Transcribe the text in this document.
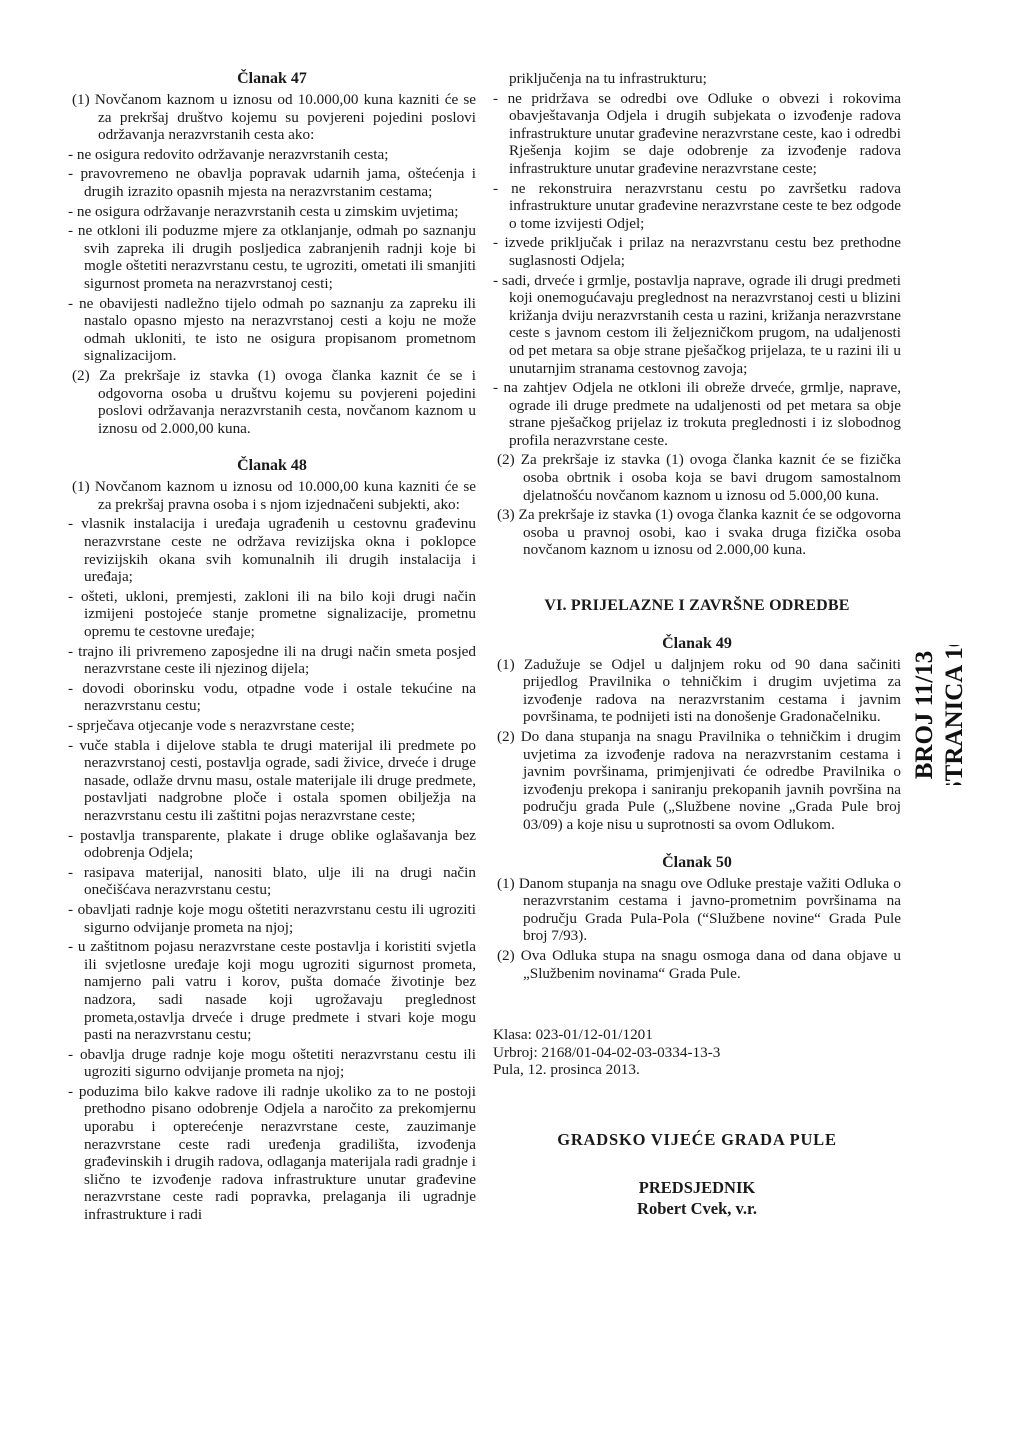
Članak 47

(1) Novčanom kaznom u iznosu od 10.000,00 kuna kazniti će se za prekršaj društvo kojemu su povjereni pojedini poslovi održavanja nerazvrstanih cesta ako:

- ne osigura redovito održavanje nerazvrstanih cesta;

- pravovremeno ne obavlja popravak udarnih jama, oštećenja i drugih izrazito opasnih mjesta na nerazvrstanim cestama;

- ne osigura održavanje nerazvrstanih cesta u zimskim uvjetima;

- ne otkloni ili poduzme mjere za otklanjanje, odmah po saznanju svih zapreka ili drugih posljedica zabranjenih radnji koje bi mogle oštetiti nerazvrstanu cestu, te ugroziti, ometati ili smanjiti sigurnost prometa na nerazvrstanoj cesti;

- ne obavijesti nadležno tijelo odmah po saznanju za zapreku ili nastalo opasno mjesto na nerazvrstanoj cesti a koju ne može odmah ukloniti, te isto ne osigura propisanom prometnom signalizacijom.

(2) Za prekršaje iz stavka (1) ovoga članka kaznit će se i odgovorna osoba u društvu kojemu su povjereni pojedini poslovi održavanja nerazvrstanih cesta, novčanom kaznom u iznosu od 2.000,00 kuna.

Članak 48

(1) Novčanom kaznom u iznosu od 10.000,00 kuna kazniti će se za prekršaj pravna osoba i s njom izjednačeni subjekti, ako:

- vlasnik instalacija i uređaja ugrađenih u cestovnu građevinu nerazvrstane ceste ne održava revizijska okna i poklopce revizijskih okana svih komunalnih ili drugih instalacija i uređaja;

- ošteti, ukloni, premjesti, zakloni ili na bilo koji drugi način izmijeni postojeće stanje prometne signalizacije, prometnu opremu te cestovne uređaje;

- trajno ili privremeno zaposjedne ili na drugi način smeta posjed nerazvrstane ceste ili njezinog dijela;

- dovodi oborinsku vodu, otpadne vode i ostale tekućine na nerazvrstanu cestu;

- sprječava otjecanje vode s nerazvrstane ceste;

- vuče stabla i dijelove stabla te drugi materijal ili predmete po nerazvrstanoj cesti, postavlja ograde, sadi živice, drveće i druge nasade, odlaže drvnu masu, ostale materijale ili druge predmete, postavljati nadgrobne ploče i ostala spomen obilježja na nerazvrstanu cestu ili zaštitni pojas nerazvrstane ceste;

- postavlja transparente, plakate i druge oblike oglašavanja bez odobrenja Odjela;

- rasipava materijal, nanositi blato, ulje ili na drugi način onečišćava nerazvrstanu cestu;

- obavljati radnje koje mogu oštetiti nerazvrstanu cestu ili ugroziti sigurno odvijanje prometa na njoj;

- u zaštitnom pojasu nerazvrstane ceste postavlja i koristiti svjetla ili svjetlosne uređaje koji mogu ugroziti sigurnost prometa, namjerno pali vatru i korov, pušta domaće životinje bez nadzora, sadi nasade koji ugrožavaju preglednost prometa,ostavlja drveće i druge predmete i stvari koje mogu pasti na nerazvrstanu cestu;

- obavlja druge radnje koje mogu oštetiti nerazvrstanu cestu ili ugroziti sigurno odvijanje prometa na njoj;

- poduzima bilo kakve radove ili radnje ukoliko za to ne postoji prethodno pisano odobrenje Odjela a naročito za prekomjernu uporabu i opterećenje nerazvrstane ceste, zauzimanje nerazvrstane ceste radi uređenja gradilišta, izvođenja građevinskih i drugih radova, odlaganja materijala radi gradnje i slično te izvođenje radova infrastrukture unutar građevine nerazvrstane ceste radi popravka, prelaganja ili ugradnje infrastrukture i radi

priključenja na tu infrastrukturu;

- ne pridržava se odredbi ove Odluke o obvezi i rokovima obavještavanja Odjela i drugih subjekata o izvođenje radova infrastrukture unutar građevine nerazvrstane ceste, kao i odredbi Rješenja kojim se daje odobrenje za izvođenje radova infrastrukture unutar građevine nerazvrstane ceste;

- ne rekonstruira nerazvrstanu cestu po završetku radova infrastrukture unutar građevine nerazvrstane ceste te bez odgode o tome izvijesti Odjel;

- izvede priključak i prilaz na nerazvrstanu cestu bez prethodne suglasnosti Odjela;

- sadi, drveće i grmlje, postavlja naprave, ograde ili drugi predmeti koji onemogućavaju preglednost na nerazvrstanoj cesti u blizini križanja dviju nerazvrstanih cesta u razini, križanja nerazvrstane ceste s javnom cestom ili željezničkom prugom, na udaljenosti od pet metara sa obje strane pješačkog prijelaza, te u razini ili u unutarnjim stranama cestovnog zavoja;

- na zahtjev Odjela ne otkloni ili obreže drveće, grmlje, naprave, ograde ili druge predmete na udaljenosti od pet metara sa obje strane pješačkog prijelaz iz trokuta preglednosti i iz slobodnog profila nerazvrstane ceste.

(2) Za prekršaje iz stavka (1) ovoga članka kaznit će se fizička osoba obrtnik i osoba koja se bavi drugom samostalnom djelatnošću novčanom kaznom u iznosu od 5.000,00 kuna.

(3) Za prekršaje iz stavka (1) ovoga članka kaznit će se odgovorna osoba u pravnoj osobi, kao i svaka druga fizička osoba novčanom kaznom u iznosu od 2.000,00 kuna.

VI. PRIJELAZNE I ZAVRŠNE ODREDBE
Članak 49

(1) Zadužuje se Odjel u daljnjem roku od 90 dana sačiniti prijedlog Pravilnika o tehničkim i drugim uvjetima za izvođenje radova na nerazvrstanim cestama i javnim površinama, te podnijeti isti na donošenje Gradonačelniku.

(2) Do dana stupanja na snagu Pravilnika o tehničkim i drugim uvjetima za izvođenje radova na nerazvrstanim cestama i javnim površinama, primjenjivati će odredbe Pravilnika o izvođenju prekopa i saniranju prekopanih javnih površina na području grada Pule („Službene novine „Grada Pule broj 03/09) a koje nisu u suprotnosti sa ovom Odlukom.

Članak 50

(1) Danom stupanja na snagu ove Odluke prestaje važiti Odluka o nerazvrstanim cestama i javno-prometnim površinama na području Grada Pula-Pola (“Službene novine“ Grada Pule broj 7/93).

(2) Ova Odluka stupa na snagu osmoga dana od dana objave u „Službenim novinama“ Grada Pule.

Klasa: 023-01/12-01/1201

Urbroj: 2168/01-04-02-03-0334-13-3

Pula, 12. prosinca 2013.

GRADSKO VIJEĆE GRADA PULE
PREDSJEDNIK
Robert Cvek, v.r.
BROJ 11/13 STRANICA 16
